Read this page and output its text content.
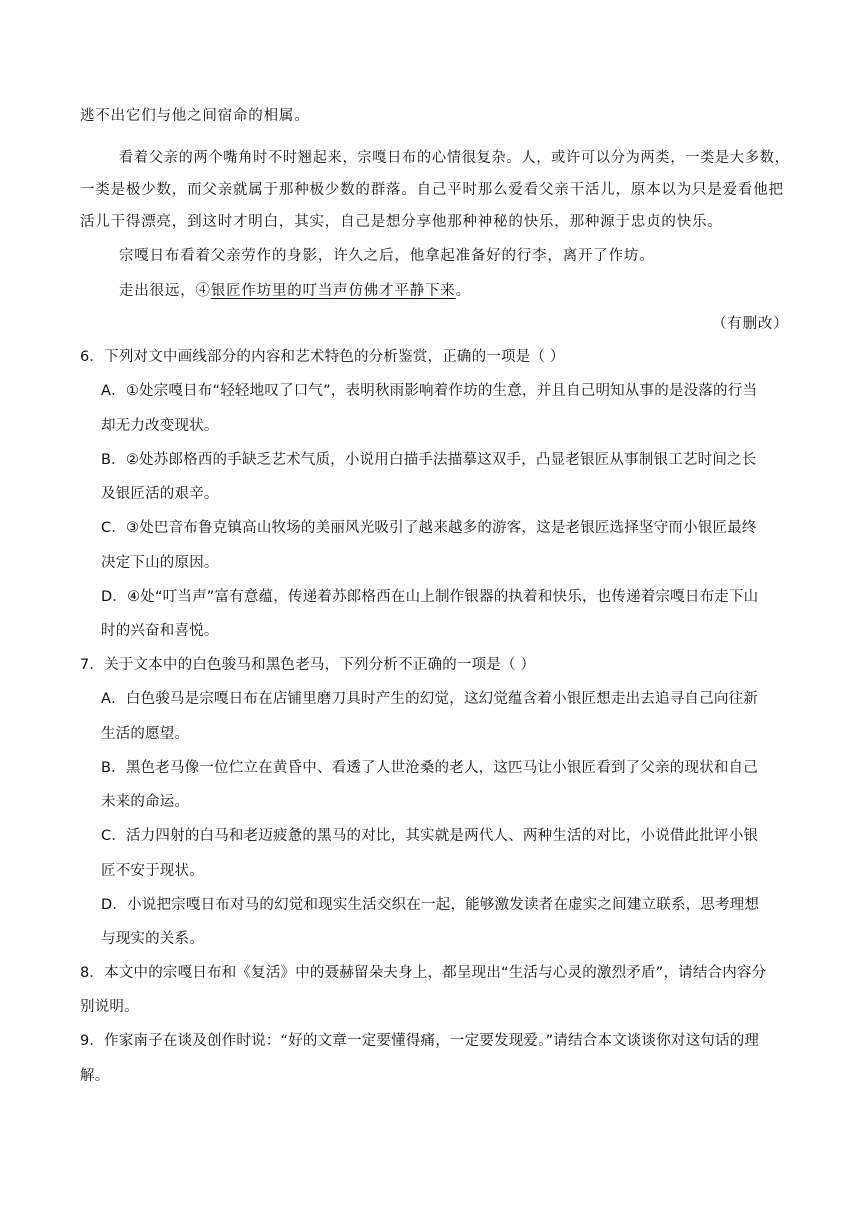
逃不出它们与他之间宿命的相属。
看着父亲的两个嘴角时不时翘起来，宗嘎日布的心情很复杂。人，或许可以分为两类，一类是大多数，
一类是极少数，而父亲就属于那种极少数的群落。自己平时那么爱看父亲干活儿，原本以为只是爱看他把
活儿干得漂亮，到这时才明白，其实，自己是想分享他那种神秘的快乐，那种源于忠贞的快乐。
宗嘎日布看着父亲劳作的身影，许久之后，他拿起准备好的行李，离开了作坊。
走出很远，④银匠作坊里的叮当声仿佛才平静下来。
（有删改）
6．下列对文中画线部分的内容和艺术特色的分析鉴赏，正确的一项是（ ）
A．①处宗嘎日布“轻轻地叹了口气”，表明秋雨影响着作坊的生意，并且自己明知从事的是没落的行当
却无力改变现状。
B．②处苏郎格西的手缺乏艺术气质，小说用白描手法描摹这双手，凸显老银匠从事制银工艺时间之长
及银匠活的艰辛。
C．③处巴音布鲁克镇高山牧场的美丽风光吸引了越来越多的游客，这是老银匠选择坚守而小银匠最终
决定下山的原因。
D．④处“叮当声”富有意蕴，传递着苏郎格西在山上制作银器的执着和快乐，也传递着宗嘎日布走下山
时的兴奋和喜悦。
7．关于文本中的白色骏马和黑色老马，下列分析不正确的一项是（ ）
A．白色骏马是宗嘎日布在店铺里磨刀具时产生的幻觉，这幻觉蕴含着小银匠想走出去追寻自己向往新
生活的愿望。
B．黑色老马像一位伫立在黄昏中、看透了人世沧桑的老人，这匹马让小银匠看到了父亲的现状和自己
未来的命运。
C．活力四射的白马和老迈疲惫的黑马的对比，其实就是两代人、两种生活的对比，小说借此批评小银
匠不安于现状。
D．小说把宗嘎日布对马的幻觉和现实生活交织在一起，能够激发读者在虚实之间建立联系，思考理想
与现实的关系。
8．本文中的宗嘎日布和《复活》中的聂赫留朵夫身上，都呈现出“生活与心灵的激烈矛盾”，请结合内容分
别说明。
9．作家南子在谈及创作时说：“好的文章一定要懂得痛，一定要发现爱。”请结合本文谈谈你对这句话的理
解。
